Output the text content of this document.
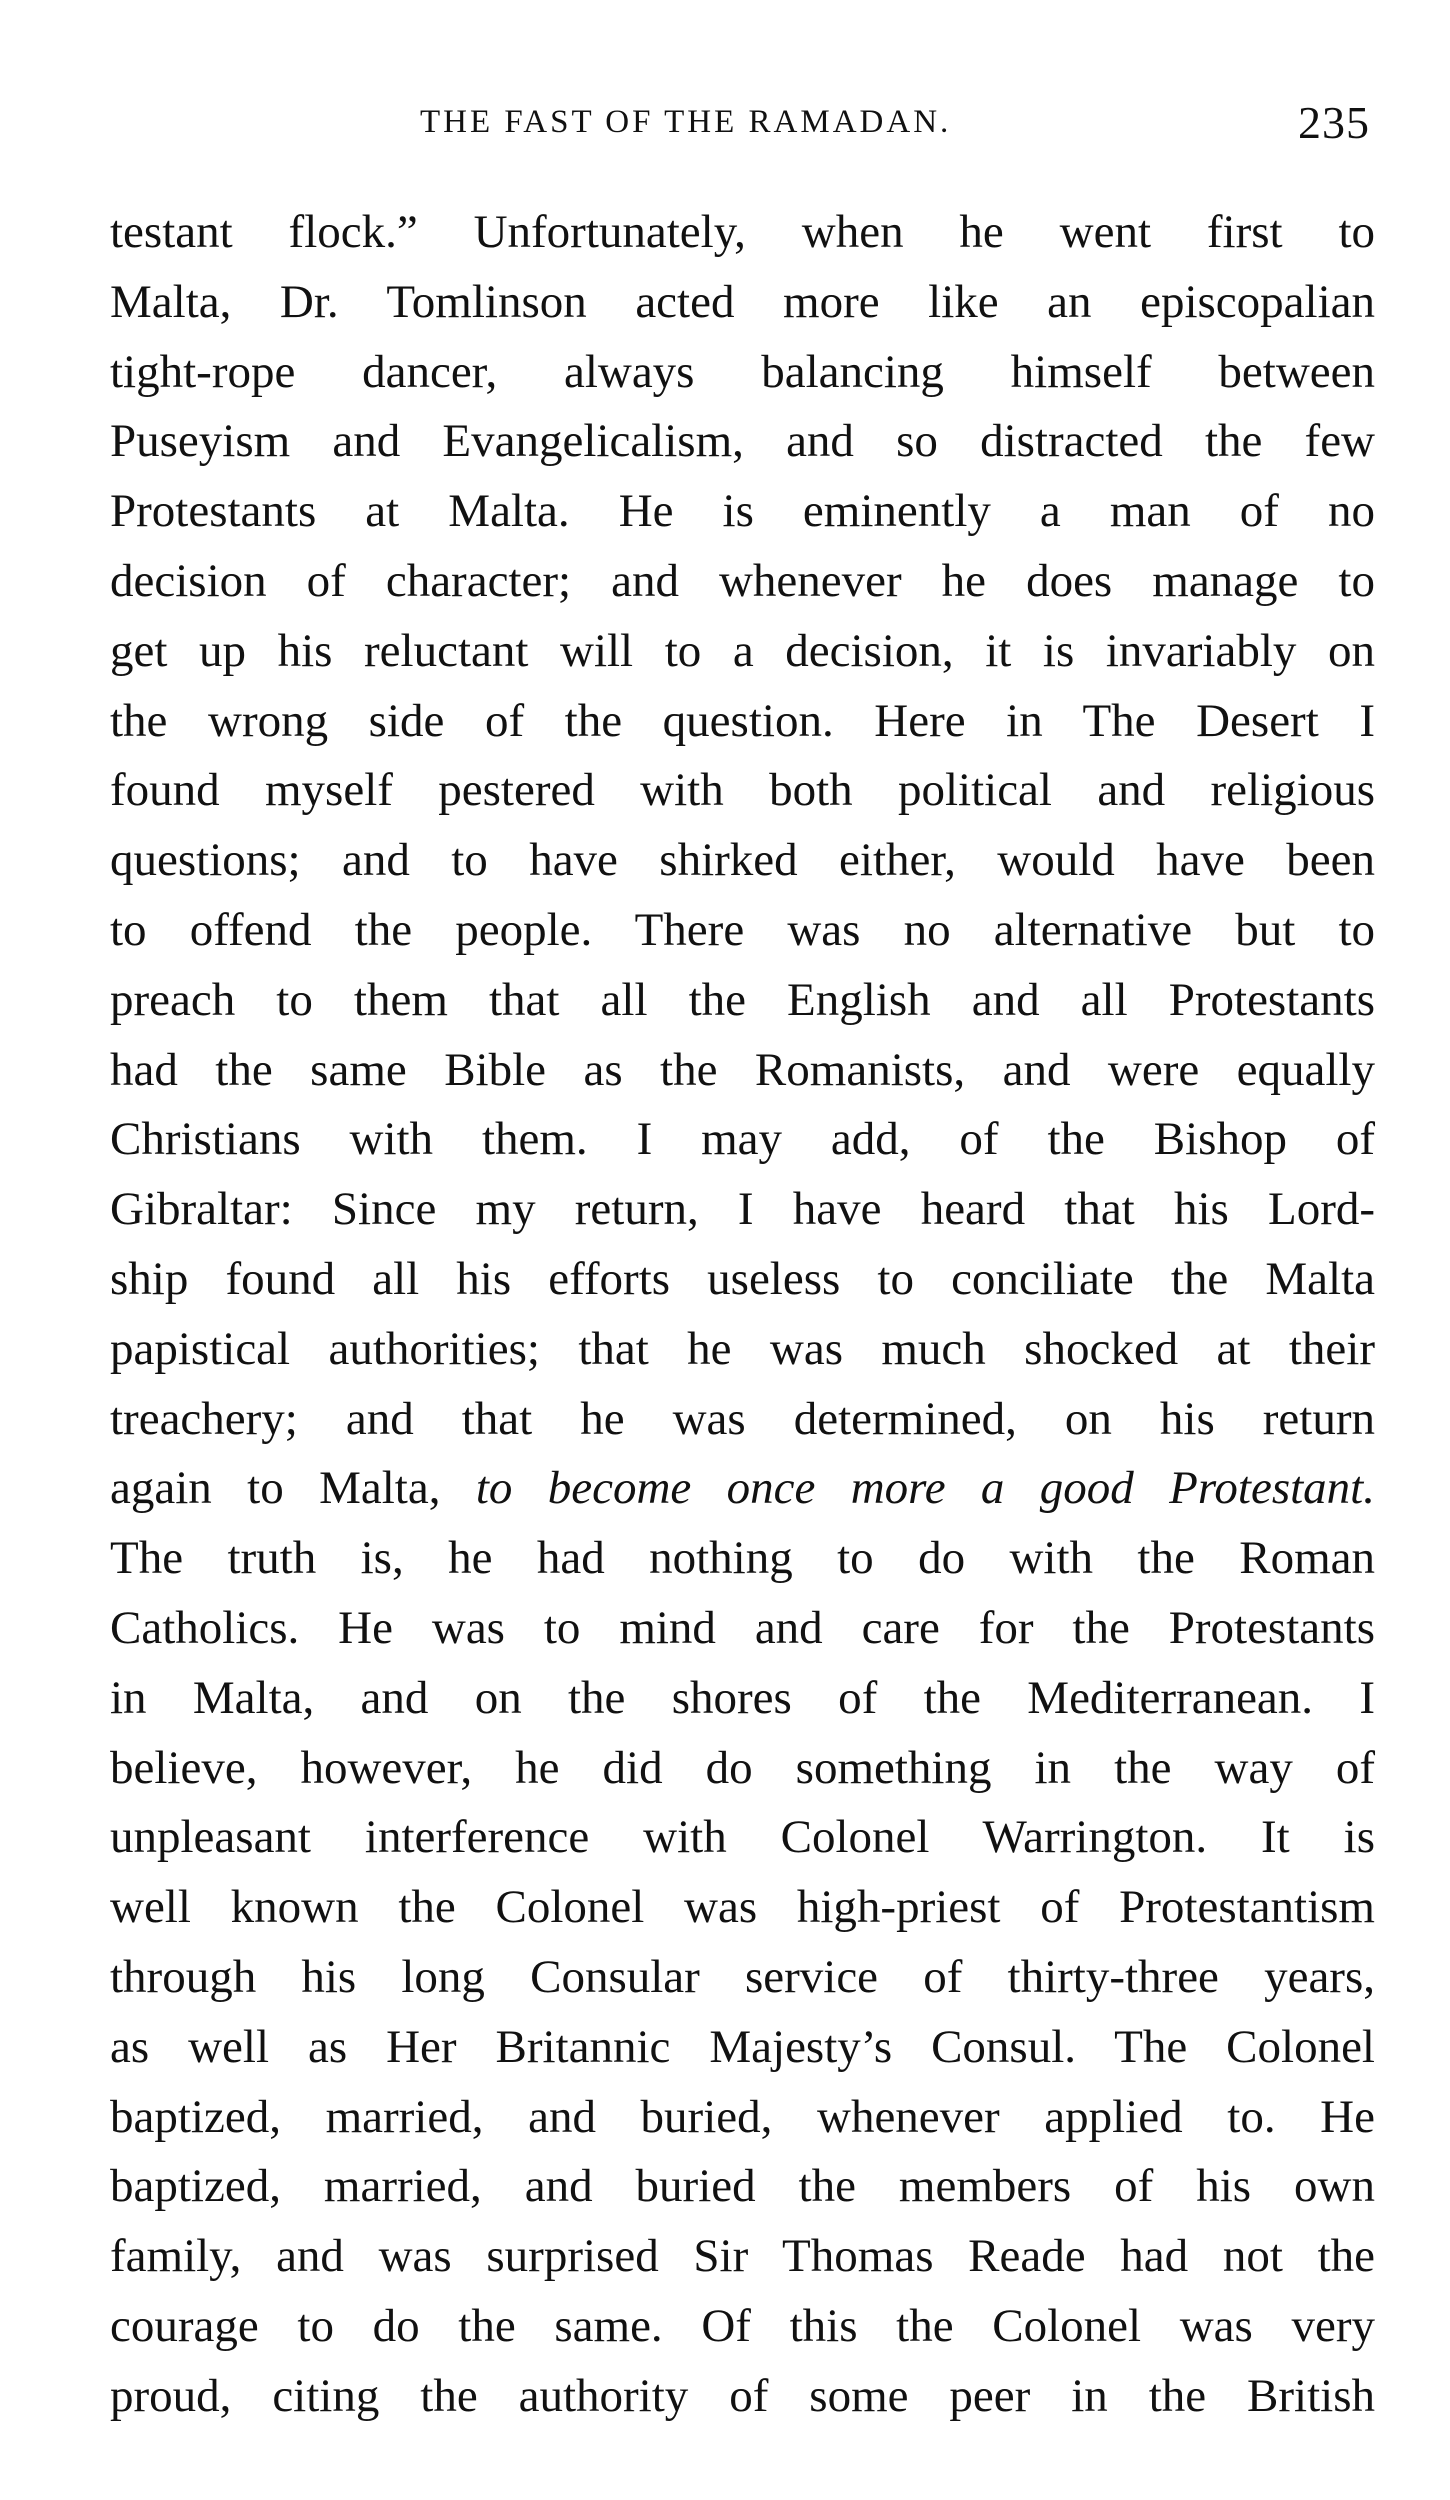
THE FAST OF THE RAMADAN.	235
testant flock.” Unfortunately, when he went first to
Malta, Dr. Tomlinson acted more like an episcopalian
tight-rope dancer, always balancing himself between
Puseyism and Evangelicalism, and so distracted the few
Protestants at Malta. He is eminently a man of no
decision of character; and whenever he does manage to
get up his reluctant will to a decision, it is invariably on
the wrong side of the question. Here in The Desert I
found myself pestered with both political and religious
questions; and to have shirked either, would have been
to offend the people. There was no alternative but to
preach to them that all the English and all Protestants
had the same Bible as the Romanists, and were equally
Christians with them. I may add, of the Bishop of
Gibraltar: Since my return, I have heard that his Lord-
ship found all his efforts useless to conciliate the Malta
papistical authorities; that he was much shocked at their
treachery; and that he was determined, on his return
again to Malta, to become once more a good Protestant.
The truth is, he had nothing to do with the Roman
Catholics. He was to mind and care for the Protestants
in Malta, and on the shores of the Mediterranean. I
believe, however, he did do something in the way of
unpleasant interference with Colonel Warrington. It is
well known the Colonel was high-priest of Protestantism
through his long Consular service of thirty-three years,
as well as Her Britannic Majesty’s Consul. The Colonel
baptized, married, and buried, whenever applied to. He
baptized, married, and buried the members of his own
family, and was surprised Sir Thomas Reade had not the
courage to do the same. Of this the Colonel was very
proud, citing the authority of some peer in the British
